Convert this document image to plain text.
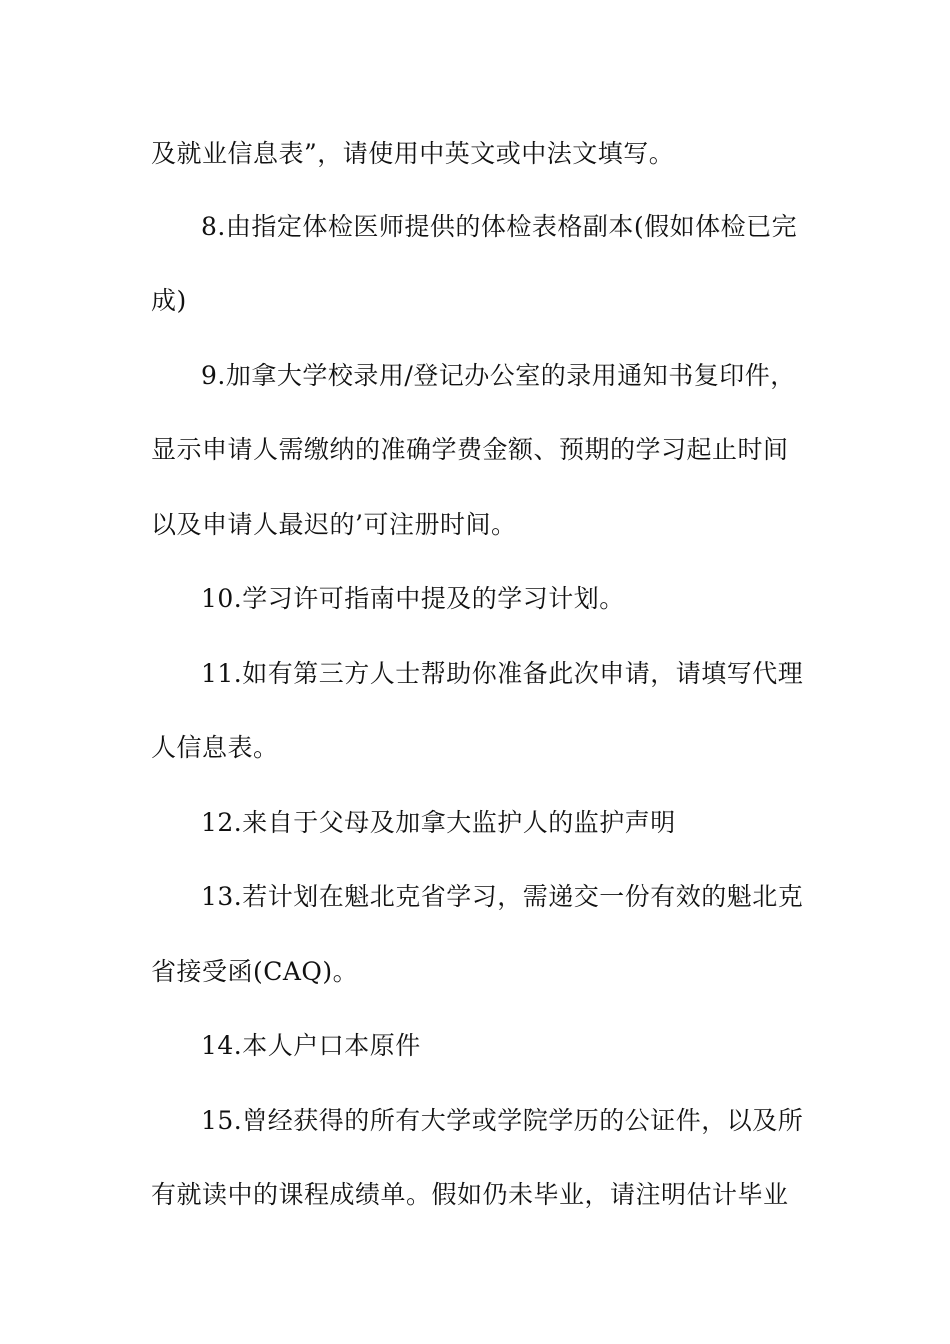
及就业信息表”，请使用中英文或中法文填写。
8.由指定体检医师提供的体检表格副本(假如体检已完
成)
9.加拿大学校录用/登记办公室的录用通知书复印件，
显示申请人需缴纳的准确学费金额、预期的学习起止时间
以及申请人最迟的’可注册时间。
10.学习许可指南中提及的学习计划。
11.如有第三方人士帮助你准备此次申请，请填写代理
人信息表。
12.来自于父母及加拿大监护人的监护声明
13.若计划在魁北克省学习，需递交一份有效的魁北克
省接受函(CAQ)。
14.本人户口本原件
15.曾经获得的所有大学或学院学历的公证件，以及所
有就读中的课程成绩单。假如仍未毕业，请注明估计毕业
